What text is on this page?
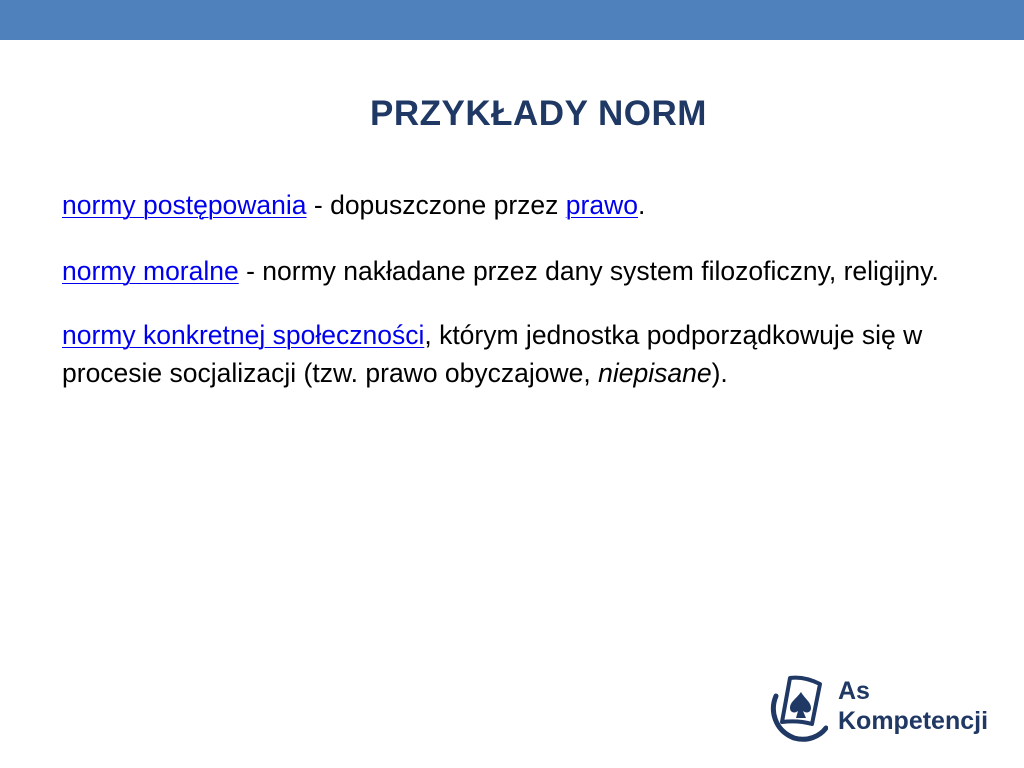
PRZYKŁADY NORM

normy postępowania - dopuszczone przez prawo.

normy moralne - normy nakładane przez dany system filozoficzny, religijny.

normy konkretnej społeczności, którym jednostka podporządkowuje się w procesie socjalizacji (tzw. prawo obyczajowe, niepisane).

As
Kompetencji
